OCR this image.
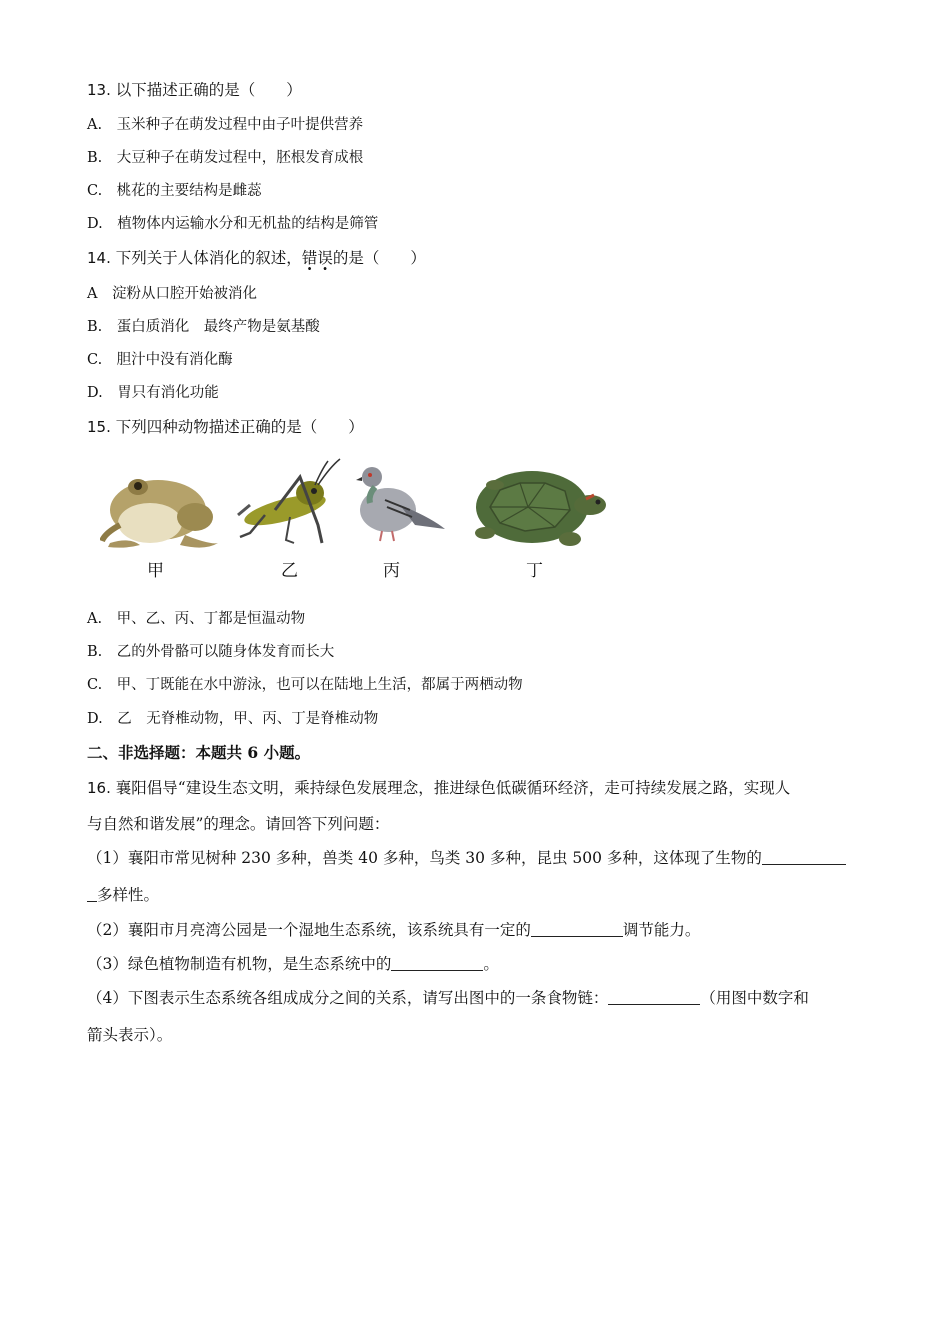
13. 以下描述正确的是（　　）
A.　玉米种子在萌发过程中由子叶提供营养
B.　大豆种子在萌发过程中，胚根发育成根
C.　桃花的主要结构是雌蕊
D.　植物体内运输水分和无机盐的结构是筛管
14. 下列关于人体消化的叙述，错误的是（　　）
A　淀粉从口腔开始被消化
B.　蛋白质消化　最终产物是氨基酸
C.　胆汁中没有消化酶
D.　胃只有消化功能
15. 下列四种动物描述正确的是（　　）
甲	乙	丙	丁
A.　甲、乙、丙、丁都是恒温动物
B.　乙的外骨骼可以随身体发育而长大
C.　甲、丁既能在水中游泳，也可以在陆地上生活，都属于两栖动物
D.　乙　无脊椎动物，甲、丙、丁是脊椎动物
二、非选择题：本题共 6 小题。
16. 襄阳倡导“建设生态文明，乘持绿色发展理念，推进绿色低碳循环经济，走可持续发展之路，实现人
与自然和谐发展”的理念。请回答下列问题：
（1）襄阳市常见树种 230 多种，兽类 40 多种，鸟类 30 多种，昆虫 500 多种，这体现了生物的
多样性。
（2）襄阳市月亮湾公园是一个湿地生态系统，该系统具有一定的	调节能力。
（3）绿色植物制造有机物，是生态系统中的	。
（4）下图表示生态系统各组成成分之间的关系，请写出图中的一条食物链：	（用图中数字和
箭头表示）。
